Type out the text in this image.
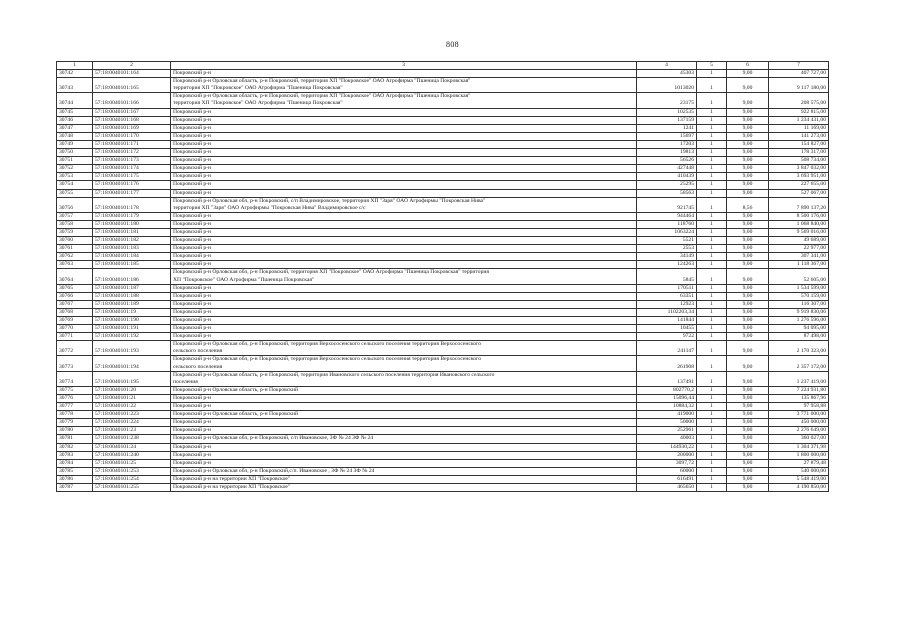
808
1	2	3	4	5	6	7
30742	57:18:0040101:164	Покровский р-н	45303	1	9,00	407 727,00
30743	57:18:0040101:165	Покровский р-н Орловская область, р-н Покровский, территория ХП "Покровское" ОАО Агрофирма "Пшеница Покровская"
территория ХП "Покровское" ОАО Агрофирма "Пшеница Покровская"	1013020	1	9,00	9 117 180,00
30744	57:18:0040101:166	Покровский р-н Орловская область, р-н Покровский, территория ХП "Покровское" ОАО Агрофирма "Пшеница Покровская"
территория ХП "Покровское" ОАО Агрофирма "Пшеница Покровская"	23175	1	9,00	208 575,00
30745	57:18:0040101:167	Покровский р-н	102535	1	9,00	922 815,00
30746	57:18:0040101:168	Покровский р-н	137159	1	9,00	1 234 431,00
30747	57:18:0040101:169	Покровский р-н	1241	1	9,00	11 169,00
30748	57:18:0040101:170	Покровский р-н	15697	1	9,00	141 273,00
30749	57:18:0040101:171	Покровский р-н	17203	1	9,00	154 827,00
30750	57:18:0040101:172	Покровский р-н	19813	1	9,00	178 317,00
30751	57:18:0040101:173	Покровский р-н	56526	1	9,00	508 734,00
30752	57:18:0040101:174	Покровский р-н	427448	1	9,00	3 847 032,00
30753	57:18:0040101:175	Покровский р-н	410439	1	9,00	3 693 951,00
30754	57:18:0040101:176	Покровский р-н	25295	1	9,00	227 655,00
30755	57:18:0040101:177	Покровский р-н	58563	1	9,00	527 067,00
30756	57:18:0040101:178	Покровский р-н Орловская обл, р-н Покровский, с/п Владимировское, территория ХП "Заря" ОАО Агрофирмы "Покровская Нива"
территория ХП "Заря" ОАО Агрофирмы "Покровская Нива" Владимировское с/с	921745	1	8,56	7 890 137,20
30757	57:18:0040101:179	Покровский р-н	944464	1	9,00	8 500 176,00
30758	57:18:0040101:180	Покровский р-н	118760	1	9,00	1 068 840,00
30759	57:18:0040101:181	Покровский р-н	1063224	1	9,00	9 569 016,00
30760	57:18:0040101:182	Покровский р-н	5521	1	9,00	49 689,00
30761	57:18:0040101:183	Покровский р-н	2553	1	9,00	22 977,00
30762	57:18:0040101:184	Покровский р-н	34149	1	9,00	307 341,00
30763	57:18:0040101:185	Покровский р-н	124263	1	9,00	1 118 367,00
30764	57:18:0040101:186	Покровский р-н Орловская обл, р-н Покровский, территория ХП "Покровское" ОАО Агрофирма "Пшеница Покровская" территория
ХП "Покровское" ОАО Агрофирма "Пшеница Покровская"	5845	1	9,00	52 605,00
30765	57:18:0040101:187	Покровский р-н	170511	1	9,00	1 534 599,00
30766	57:18:0040101:188	Покровский р-н	63351	1	9,00	570 159,00
30767	57:18:0040101:189	Покровский р-н	12923	1	9,00	116 307,00
30768	57:18:0040101:19	Покровский р-н	1102203,34	1	9,00	9 919 830,06
30769	57:18:0040101:190	Покровский р-н	141844	1	9,00	1 276 596,00
30770	57:18:0040101:191	Покровский р-н	10455	1	9,00	94 095,00
30771	57:18:0040101:192	Покровский р-н	9722	1	9,00	87 498,00
30772	57:18:0040101:193	Покровский р-н Орловская обл, р-н Покровский, территория Верхососенского сельского поселения территория Верхососенского
сельского поселения	241147	1	9,00	2 170 323,00
30773	57:18:0040101:194	Покровский р-н Орловская обл, р-н Покровский, территория Верхососенского сельского поселения территория Верхососенского
сельского поселения	261908	1	9,00	2 357 172,00
30774	57:18:0040101:195	Покровский р-н Орловская область, р-н Покровский, территория Ивановского сельского поселения территория Ивановского сельского
поселения	137491	1	9,00	1 237 419,00
30775	57:18:0040101:20	Покровский р-н Орловская область, р-н Покровский	802770,2	1	9,00	7 224 931,80
30776	57:18:0040101:21	Покровский р-н	15096,44	1	9,00	135 867,96
30777	57:18:0040101:22	Покровский р-н	10884,32	1	9,00	97 958,88
30778	57:18:0040101:223	Покровский р-н Орловская область, р-н Покровский	419000	1	9,00	3 771 000,00
30779	57:18:0040101:224	Покровский р-н	50000	1	9,00	450 000,00
30780	57:18:0040101:23	Покровский р-н	252961	1	9,00	2 276 649,00
30781	57:18:0040101:238	Покровский р-н Орловская обл, р-н Покровский, с/п Ивановское, ЗФ № 24 ЗФ № 24	40003	1	9,00	360 027,00
30782	57:18:0040101:24	Покровский р-н	144930,22	1	9,00	1 304 371,98
30783	57:18:0040101:240	Покровский р-н	200000	1	9,00	1 800 000,00
30784	57:18:0040101:25	Покровский р-н	3097,72	1	9,00	27 879,48
30785	57:18:0040101:253	Покровский р-н Орловская обл, р-н Покровский,с/п. Ивановское , ЗФ № 24 ЗФ № 24	60000	1	9,00	540 000,00
30786	57:18:0040101:254	Покровский р-н на территории ХП "Покровское"	616491	1	9,00	5 548 419,00
30787	57:18:0040101:255	Покровский р-н на территории ХП "Покровское"	465650	1	9,00	4 190 850,00
